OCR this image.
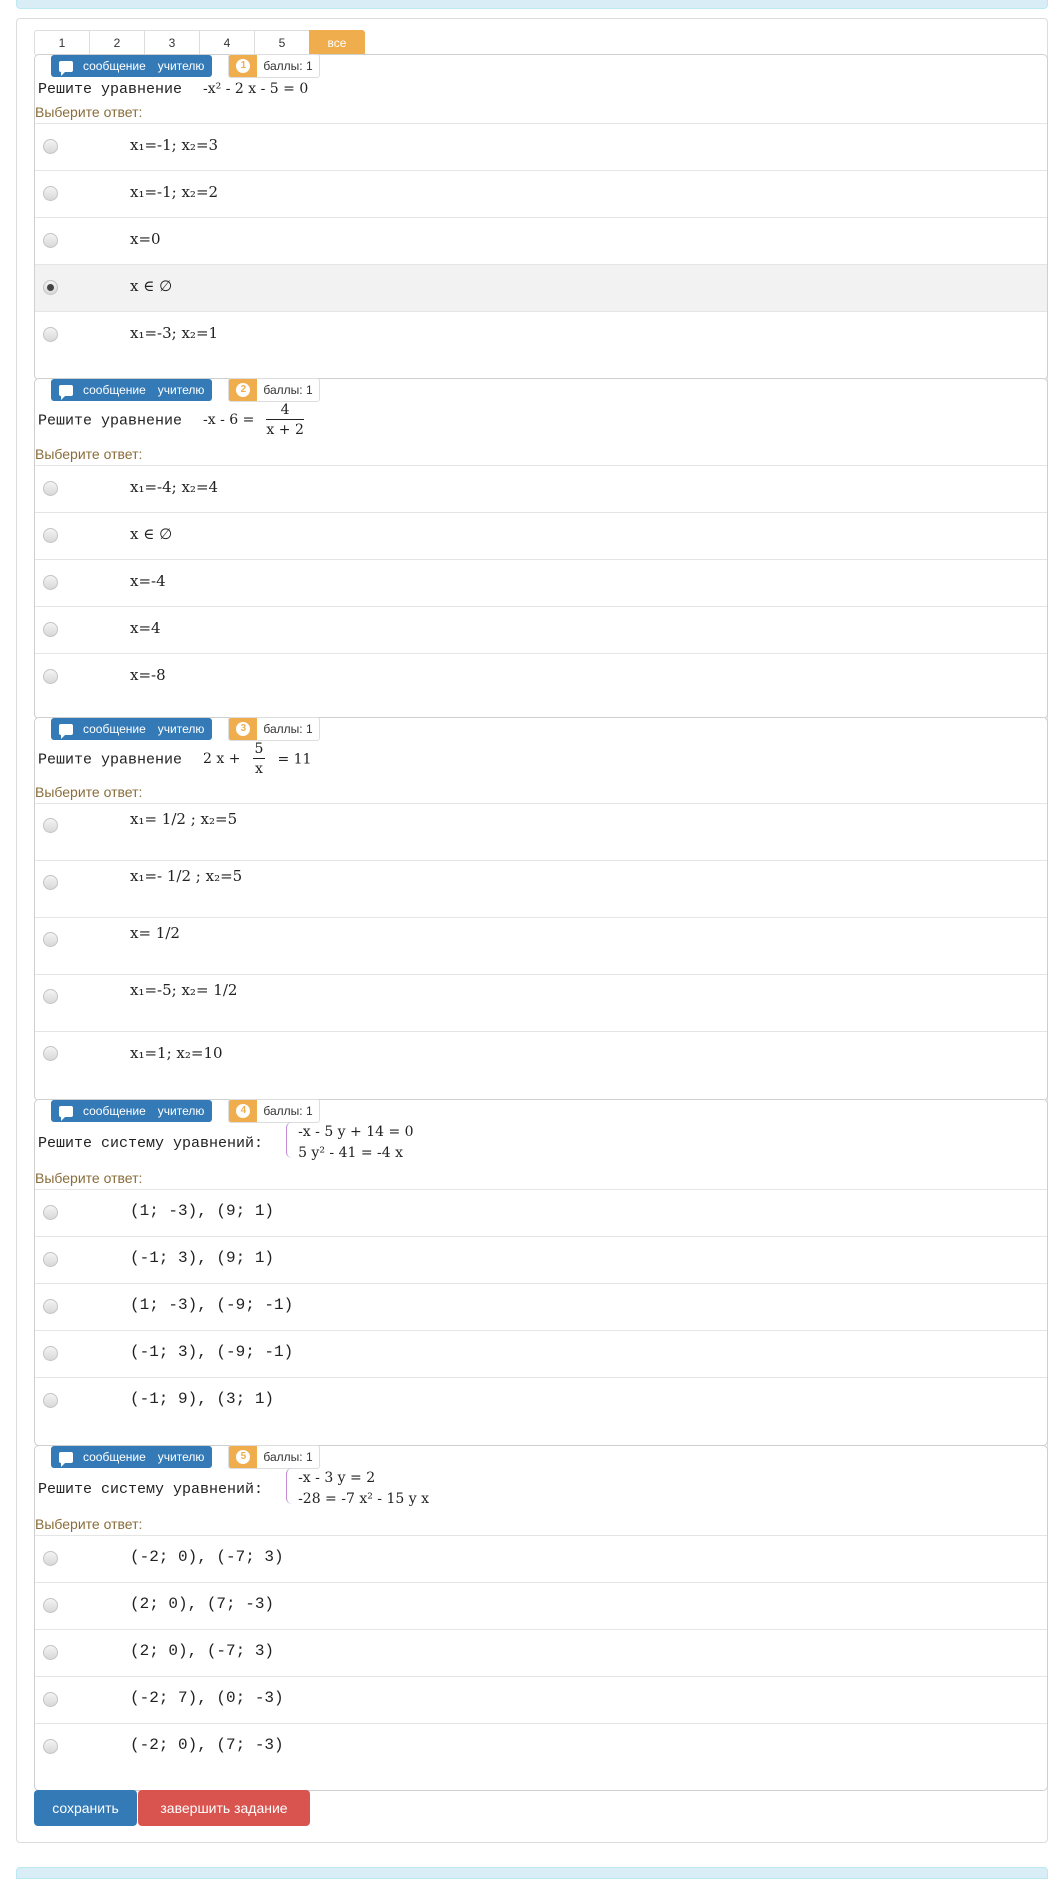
1	2	3	4	5	все
сообщение учителю	1	баллы: 1
Решите уравнение -x² - 2 x - 5 = 0
Выберите ответ:
x₁=-1; x₂=3
x₁=-1; x₂=2
x=0
x ∈ ∅
x₁=-3; x₂=1
сообщение учителю	2	баллы: 1
Решите уравнение $-x - 6 = \frac{4}{x + 2}$
Выберите ответ:
x₁=-4; x₂=4
x ∈ ∅
x=-4
x=4
x=-8
сообщение учителю	3	баллы: 1
Решите уравнение 2 $x + \frac{5}{x} = 11$
Выберите ответ:
x₁= 1/2 ; x₂=5
x₁=- 1/2 ; x₂=5
x= 1/2
x₁=-5; x₂= 1/2
x₁=1; x₂=10
сообщение учителю	4	баллы: 1
Решите системy уравнений:
-x - 5 y + 14 = 0
5 y² - 41 = -4 x
Выберите ответ:
(1; -3), (9; 1)
(-1; 3), (9; 1)
(1; -3), (-9; -1)
(-1; 3), (-9; -1)
(-1; 9), (3; 1)
сообщение учителю	5	баллы: 1
Решите системy уравнений:
-x - 3 y = 2
-28 = -7 x² - 15 y x
Выберите ответ:
(-2; 0), (-7; 3)
(2; 0), (7; -3)
(2; 0), (-7; 3)
(-2; 7), (0; -3)
(-2; 0), (7; -3)
сохранить	завершить задание
